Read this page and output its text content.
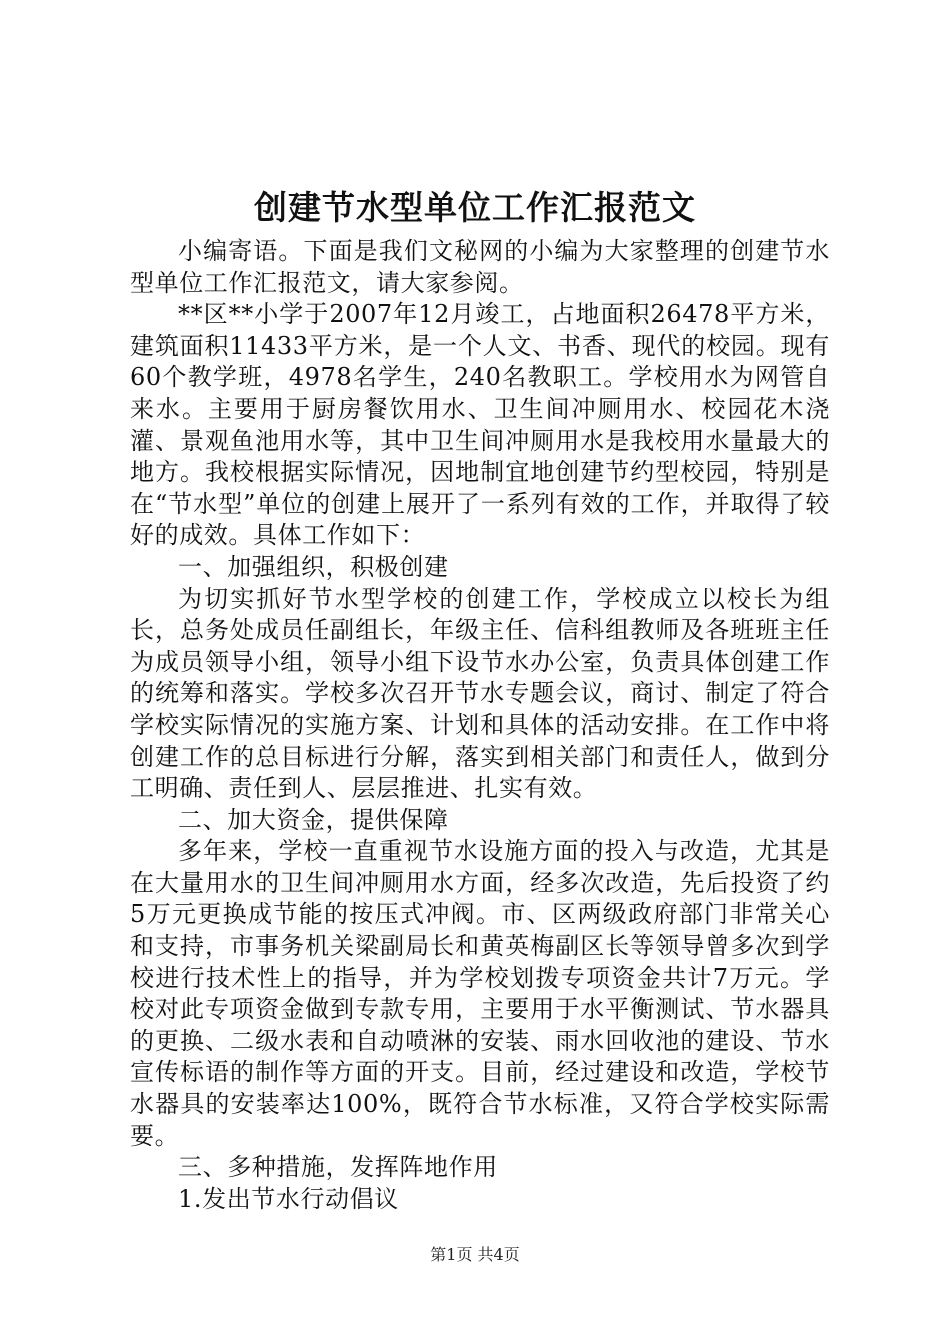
创建节水型单位工作汇报范文

小编寄语。下面是我们文秘网的小编为大家整理的创建节水型单位工作汇报范文，请大家参阅。

**区**小学于2007年12月竣工，占地面积26478平方米，建筑面积11433平方米，是一个人文、书香、现代的校园。现有60个教学班，4978名学生，240名教职工。学校用水为网管自来水。主要用于厨房餐饮用水、卫生间冲厕用水、校园花木浇灌、景观鱼池用水等，其中卫生间冲厕用水是我校用水量最大的地方。我校根据实际情况，因地制宜地创建节约型校园，特别是在“节水型”单位的创建上展开了一系列有效的工作，并取得了较好的成效。具体工作如下：

一、加强组织，积极创建

为切实抓好节水型学校的创建工作，学校成立以校长为组长，总务处成员任副组长，年级主任、信科组教师及各班班主任为成员领导小组，领导小组下设节水办公室，负责具体创建工作的统筹和落实。学校多次召开节水专题会议，商讨、制定了符合学校实际情况的实施方案、计划和具体的活动安排。在工作中将创建工作的总目标进行分解，落实到相关部门和责任人，做到分工明确、责任到人、层层推进、扎实有效。

二、加大资金，提供保障

多年来，学校一直重视节水设施方面的投入与改造，尤其是在大量用水的卫生间冲厕用水方面，经多次改造，先后投资了约5万元更换成节能的按压式冲阀。市、区两级政府部门非常关心和支持，市事务机关梁副局长和黄英梅副区长等领导曾多次到学校进行技术性上的指导，并为学校划拨专项资金共计7万元。学校对此专项资金做到专款专用，主要用于水平衡测试、节水器具的更换、二级水表和自动喷淋的安装、雨水回收池的建设、节水宣传标语的制作等方面的开支。目前，经过建设和改造，学校节水器具的安装率达100%，既符合节水标准，又符合学校实际需要。

三、多种措施，发挥阵地作用

1.发出节水行动倡议

第1页 共4页
